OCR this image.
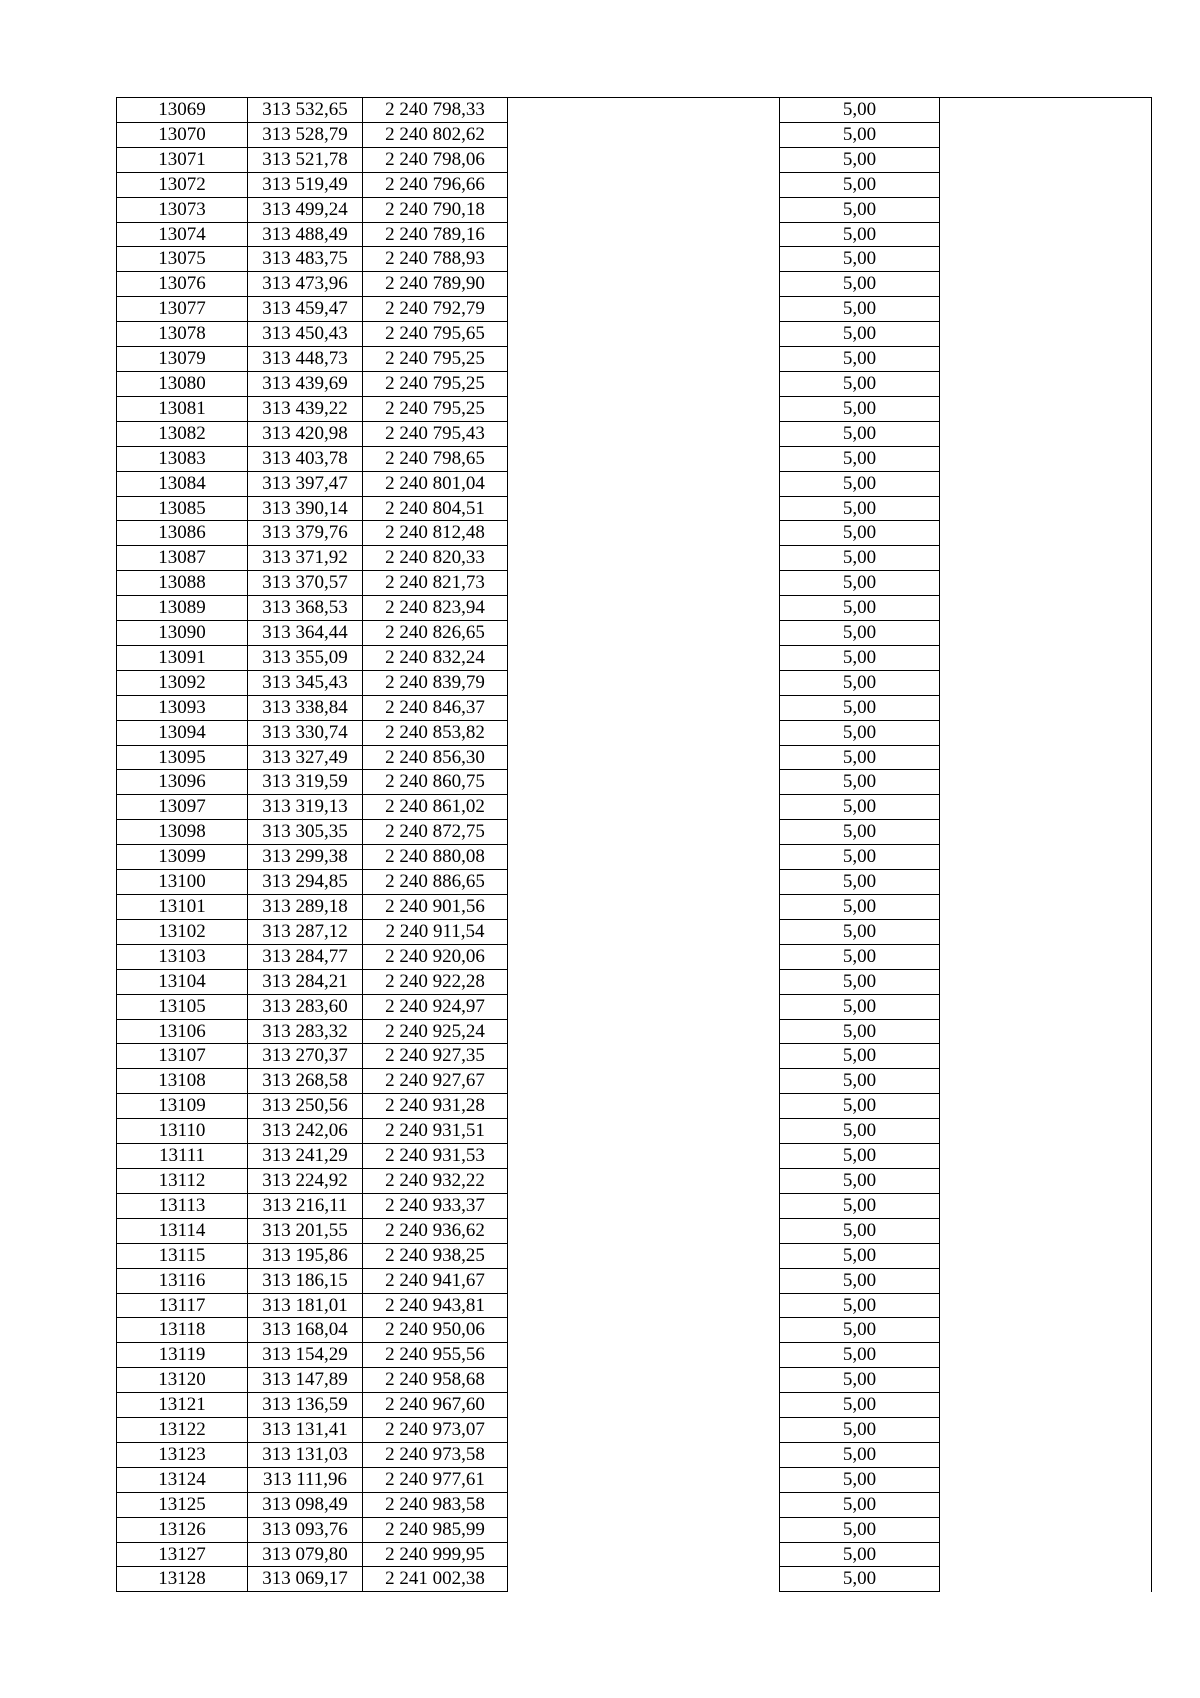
13069	313 532,65	2 240 798,33		5,00	
13070	313 528,79	2 240 802,62		5,00	
13071	313 521,78	2 240 798,06		5,00	
13072	313 519,49	2 240 796,66		5,00	
13073	313 499,24	2 240 790,18		5,00	
13074	313 488,49	2 240 789,16		5,00	
13075	313 483,75	2 240 788,93		5,00	
13076	313 473,96	2 240 789,90		5,00	
13077	313 459,47	2 240 792,79		5,00	
13078	313 450,43	2 240 795,65		5,00	
13079	313 448,73	2 240 795,25		5,00	
13080	313 439,69	2 240 795,25		5,00	
13081	313 439,22	2 240 795,25		5,00	
13082	313 420,98	2 240 795,43		5,00	
13083	313 403,78	2 240 798,65		5,00	
13084	313 397,47	2 240 801,04		5,00	
13085	313 390,14	2 240 804,51		5,00	
13086	313 379,76	2 240 812,48		5,00	
13087	313 371,92	2 240 820,33		5,00	
13088	313 370,57	2 240 821,73		5,00	
13089	313 368,53	2 240 823,94		5,00	
13090	313 364,44	2 240 826,65		5,00	
13091	313 355,09	2 240 832,24		5,00	
13092	313 345,43	2 240 839,79		5,00	
13093	313 338,84	2 240 846,37		5,00	
13094	313 330,74	2 240 853,82		5,00	
13095	313 327,49	2 240 856,30		5,00	
13096	313 319,59	2 240 860,75		5,00	
13097	313 319,13	2 240 861,02		5,00	
13098	313 305,35	2 240 872,75		5,00	
13099	313 299,38	2 240 880,08		5,00	
13100	313 294,85	2 240 886,65		5,00	
13101	313 289,18	2 240 901,56		5,00	
13102	313 287,12	2 240 911,54		5,00	
13103	313 284,77	2 240 920,06		5,00	
13104	313 284,21	2 240 922,28		5,00	
13105	313 283,60	2 240 924,97		5,00	
13106	313 283,32	2 240 925,24		5,00	
13107	313 270,37	2 240 927,35		5,00	
13108	313 268,58	2 240 927,67		5,00	
13109	313 250,56	2 240 931,28		5,00	
13110	313 242,06	2 240 931,51		5,00	
13111	313 241,29	2 240 931,53		5,00	
13112	313 224,92	2 240 932,22		5,00	
13113	313 216,11	2 240 933,37		5,00	
13114	313 201,55	2 240 936,62		5,00	
13115	313 195,86	2 240 938,25		5,00	
13116	313 186,15	2 240 941,67		5,00	
13117	313 181,01	2 240 943,81		5,00	
13118	313 168,04	2 240 950,06		5,00	
13119	313 154,29	2 240 955,56		5,00	
13120	313 147,89	2 240 958,68		5,00	
13121	313 136,59	2 240 967,60		5,00	
13122	313 131,41	2 240 973,07		5,00	
13123	313 131,03	2 240 973,58		5,00	
13124	313 111,96	2 240 977,61		5,00	
13125	313 098,49	2 240 983,58		5,00	
13126	313 093,76	2 240 985,99		5,00	
13127	313 079,80	2 240 999,95		5,00	
13128	313 069,17	2 241 002,38		5,00	
